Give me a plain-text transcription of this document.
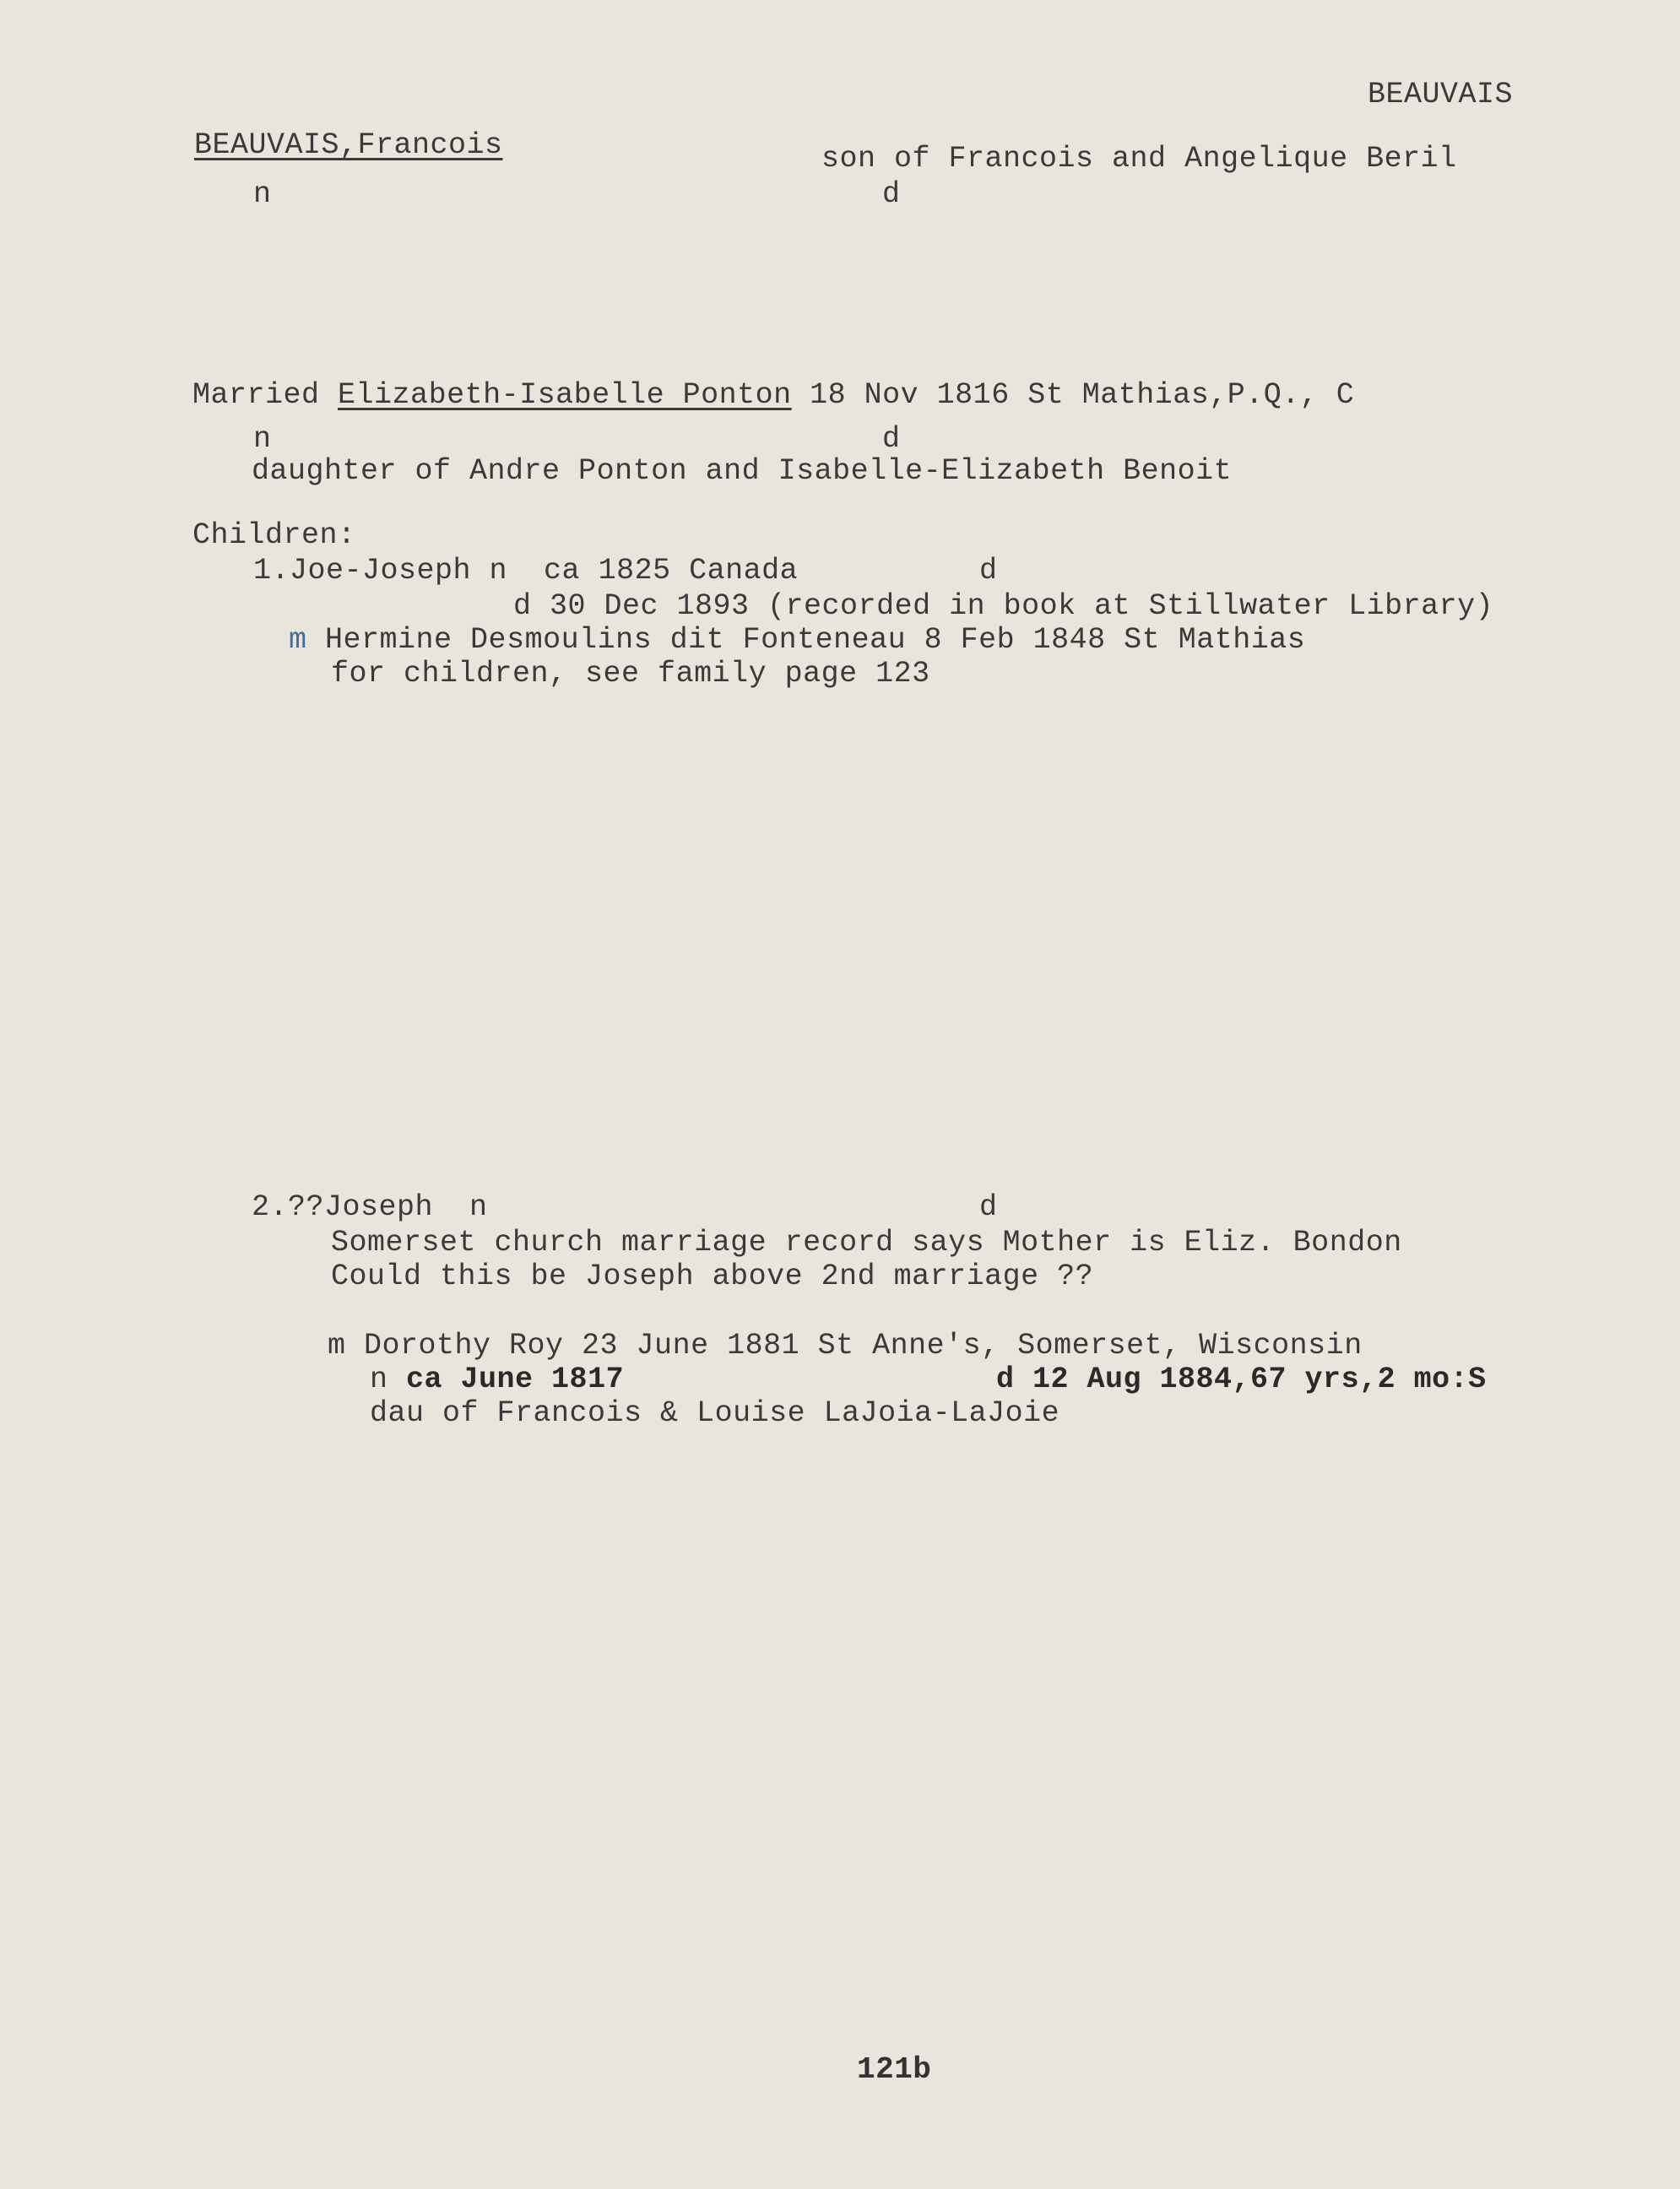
BEAUVAIS
BEAUVAIS,Francois	son of Francois and Angelique Beril
n	d
Married Elizabeth-Isabelle Ponton 18 Nov 1816 St Mathias,P.Q., C
n	d
daughter of Andre Ponton and Isabelle-Elizabeth Benoit
Children:
1.Joe-Joseph n  ca 1825 Canada	d
d 30 Dec 1893 (recorded in book at Stillwater Library)
m Hermine Desmoulins dit Fonteneau 8 Feb 1848 St Mathias
for children, see family page 123
2.??Joseph  n	d
Somerset church marriage record says Mother is Eliz. Bondon
Could this be Joseph above 2nd marriage ??
m Dorothy Roy 23 June 1881 St Anne's, Somerset, Wisconsin
n ca June 1817	d 12 Aug 1884,67 yrs,2 mo:S
dau of Francois & Louise LaJoia-LaJoie
121b
